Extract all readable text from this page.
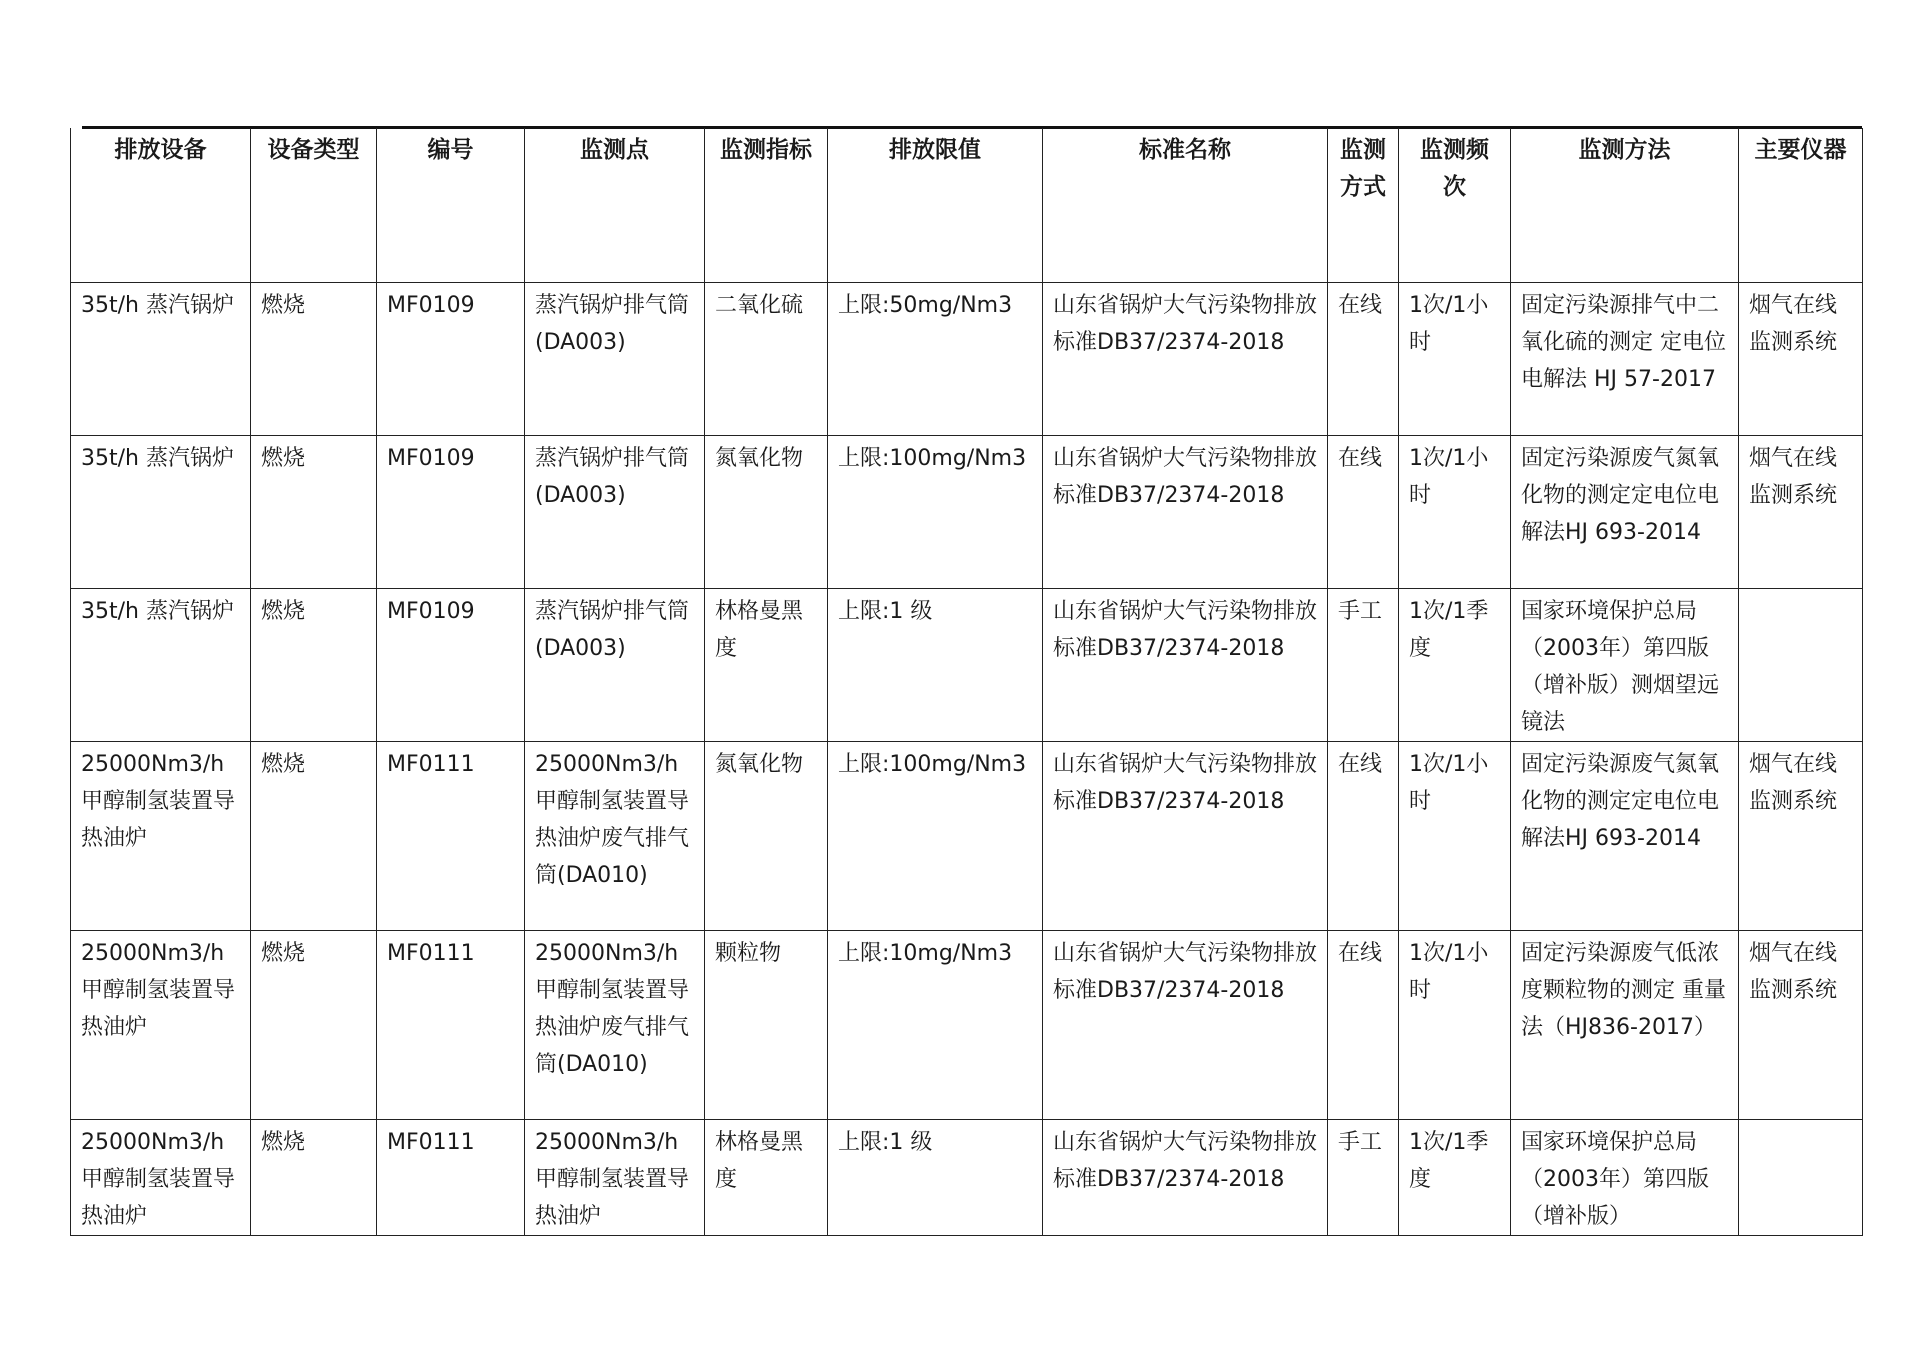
排放设备	设备类型	编号	监测点	监测指标	排放限值	标准名称	监测方式	监测频次	监测方法	主要仪器
35t/h 蒸汽锅炉	燃烧	MF0109	蒸汽锅炉排气筒(DA003)	二氧化硫	上限:50mg/Nm3	山东省锅炉大气污染物排放标准DB37/2374-2018	在线	1次/1小时	固定污染源排气中二氧化硫的测定 定电位电解法 HJ 57-2017	烟气在线监测系统
35t/h 蒸汽锅炉	燃烧	MF0109	蒸汽锅炉排气筒(DA003)	氮氧化物	上限:100mg/Nm3	山东省锅炉大气污染物排放标准DB37/2374-2018	在线	1次/1小时	固定污染源废气氮氧化物的测定定电位电解法HJ 693-2014	烟气在线监测系统
35t/h 蒸汽锅炉	燃烧	MF0109	蒸汽锅炉排气筒(DA003)	林格曼黑度	上限:1 级	山东省锅炉大气污染物排放标准DB37/2374-2018	手工	1次/1季度	国家环境保护总局（2003年）第四版（增补版）测烟望远镜法	
25000Nm3/h 甲醇制氢装置导热油炉	燃烧	MF0111	25000Nm3/h 甲醇制氢装置导热油炉废气排气筒(DA010)	氮氧化物	上限:100mg/Nm3	山东省锅炉大气污染物排放标准DB37/2374-2018	在线	1次/1小时	固定污染源废气氮氧化物的测定定电位电解法HJ 693-2014	烟气在线监测系统
25000Nm3/h 甲醇制氢装置导热油炉	燃烧	MF0111	25000Nm3/h 甲醇制氢装置导热油炉废气排气筒(DA010)	颗粒物	上限:10mg/Nm3	山东省锅炉大气污染物排放标准DB37/2374-2018	在线	1次/1小时	固定污染源废气低浓度颗粒物的测定 重量法（HJ836-2017）	烟气在线监测系统
25000Nm3/h 甲醇制氢装置导热油炉	燃烧	MF0111	25000Nm3/h 甲醇制氢装置导热油炉	林格曼黑度	上限:1 级	山东省锅炉大气污染物排放标准DB37/2374-2018	手工	1次/1季度	国家环境保护总局（2003年）第四版（增补版）	
